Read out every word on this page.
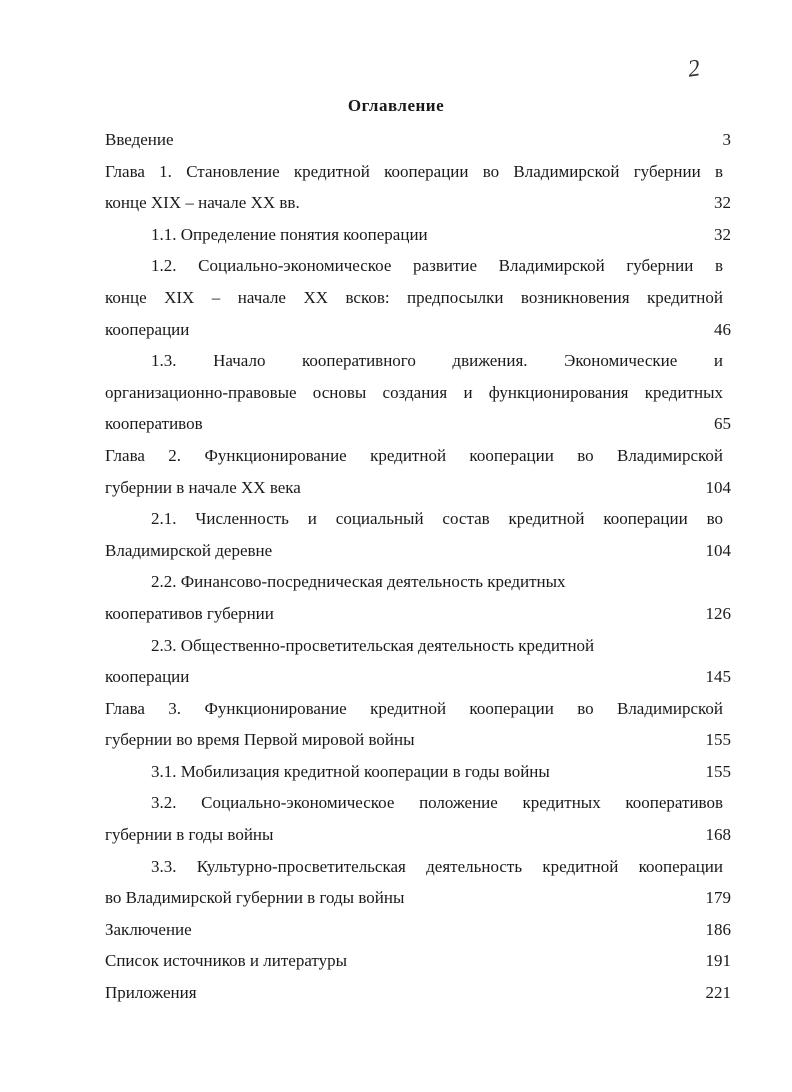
2
Оглавление
Введение	3
Глава 1. Становление кредитной кооперации во Владимирской губернии в
конце XIX – начале XX вв.	32
1.1. Определение понятия кооперации	32
1.2. Социально-экономическое развитие Владимирской губернии в
конце XIX – начале XX всков: предпосылки возникновения кредитной
кооперации	46
1.3. Начало кооперативного движения. Экономические и
организационно-правовые основы создания и функционирования кредитных
кооперативов	65
Глава 2. Функционирование кредитной кооперации во Владимирской
губернии в начале XX века	104
2.1. Численность и социальный состав кредитной кооперации во
Владимирской деревне	104
2.2. Финансово-посредническая деятельность кредитных
кооперативов губернии	126
2.3. Общественно-просветительская деятельность кредитной
кооперации	145
Глава 3. Функционирование кредитной кооперации во Владимирской
губернии во время Первой мировой войны	155
3.1. Мобилизация кредитной кооперации в годы войны	155
3.2. Социально-экономическое положение кредитных кооперативов
губернии в годы войны	168
3.3. Культурно-просветительская деятельность кредитной кооперации
во Владимирской губернии в годы войны	179
Заключение	186
Список источников и литературы	191
Приложения	221
